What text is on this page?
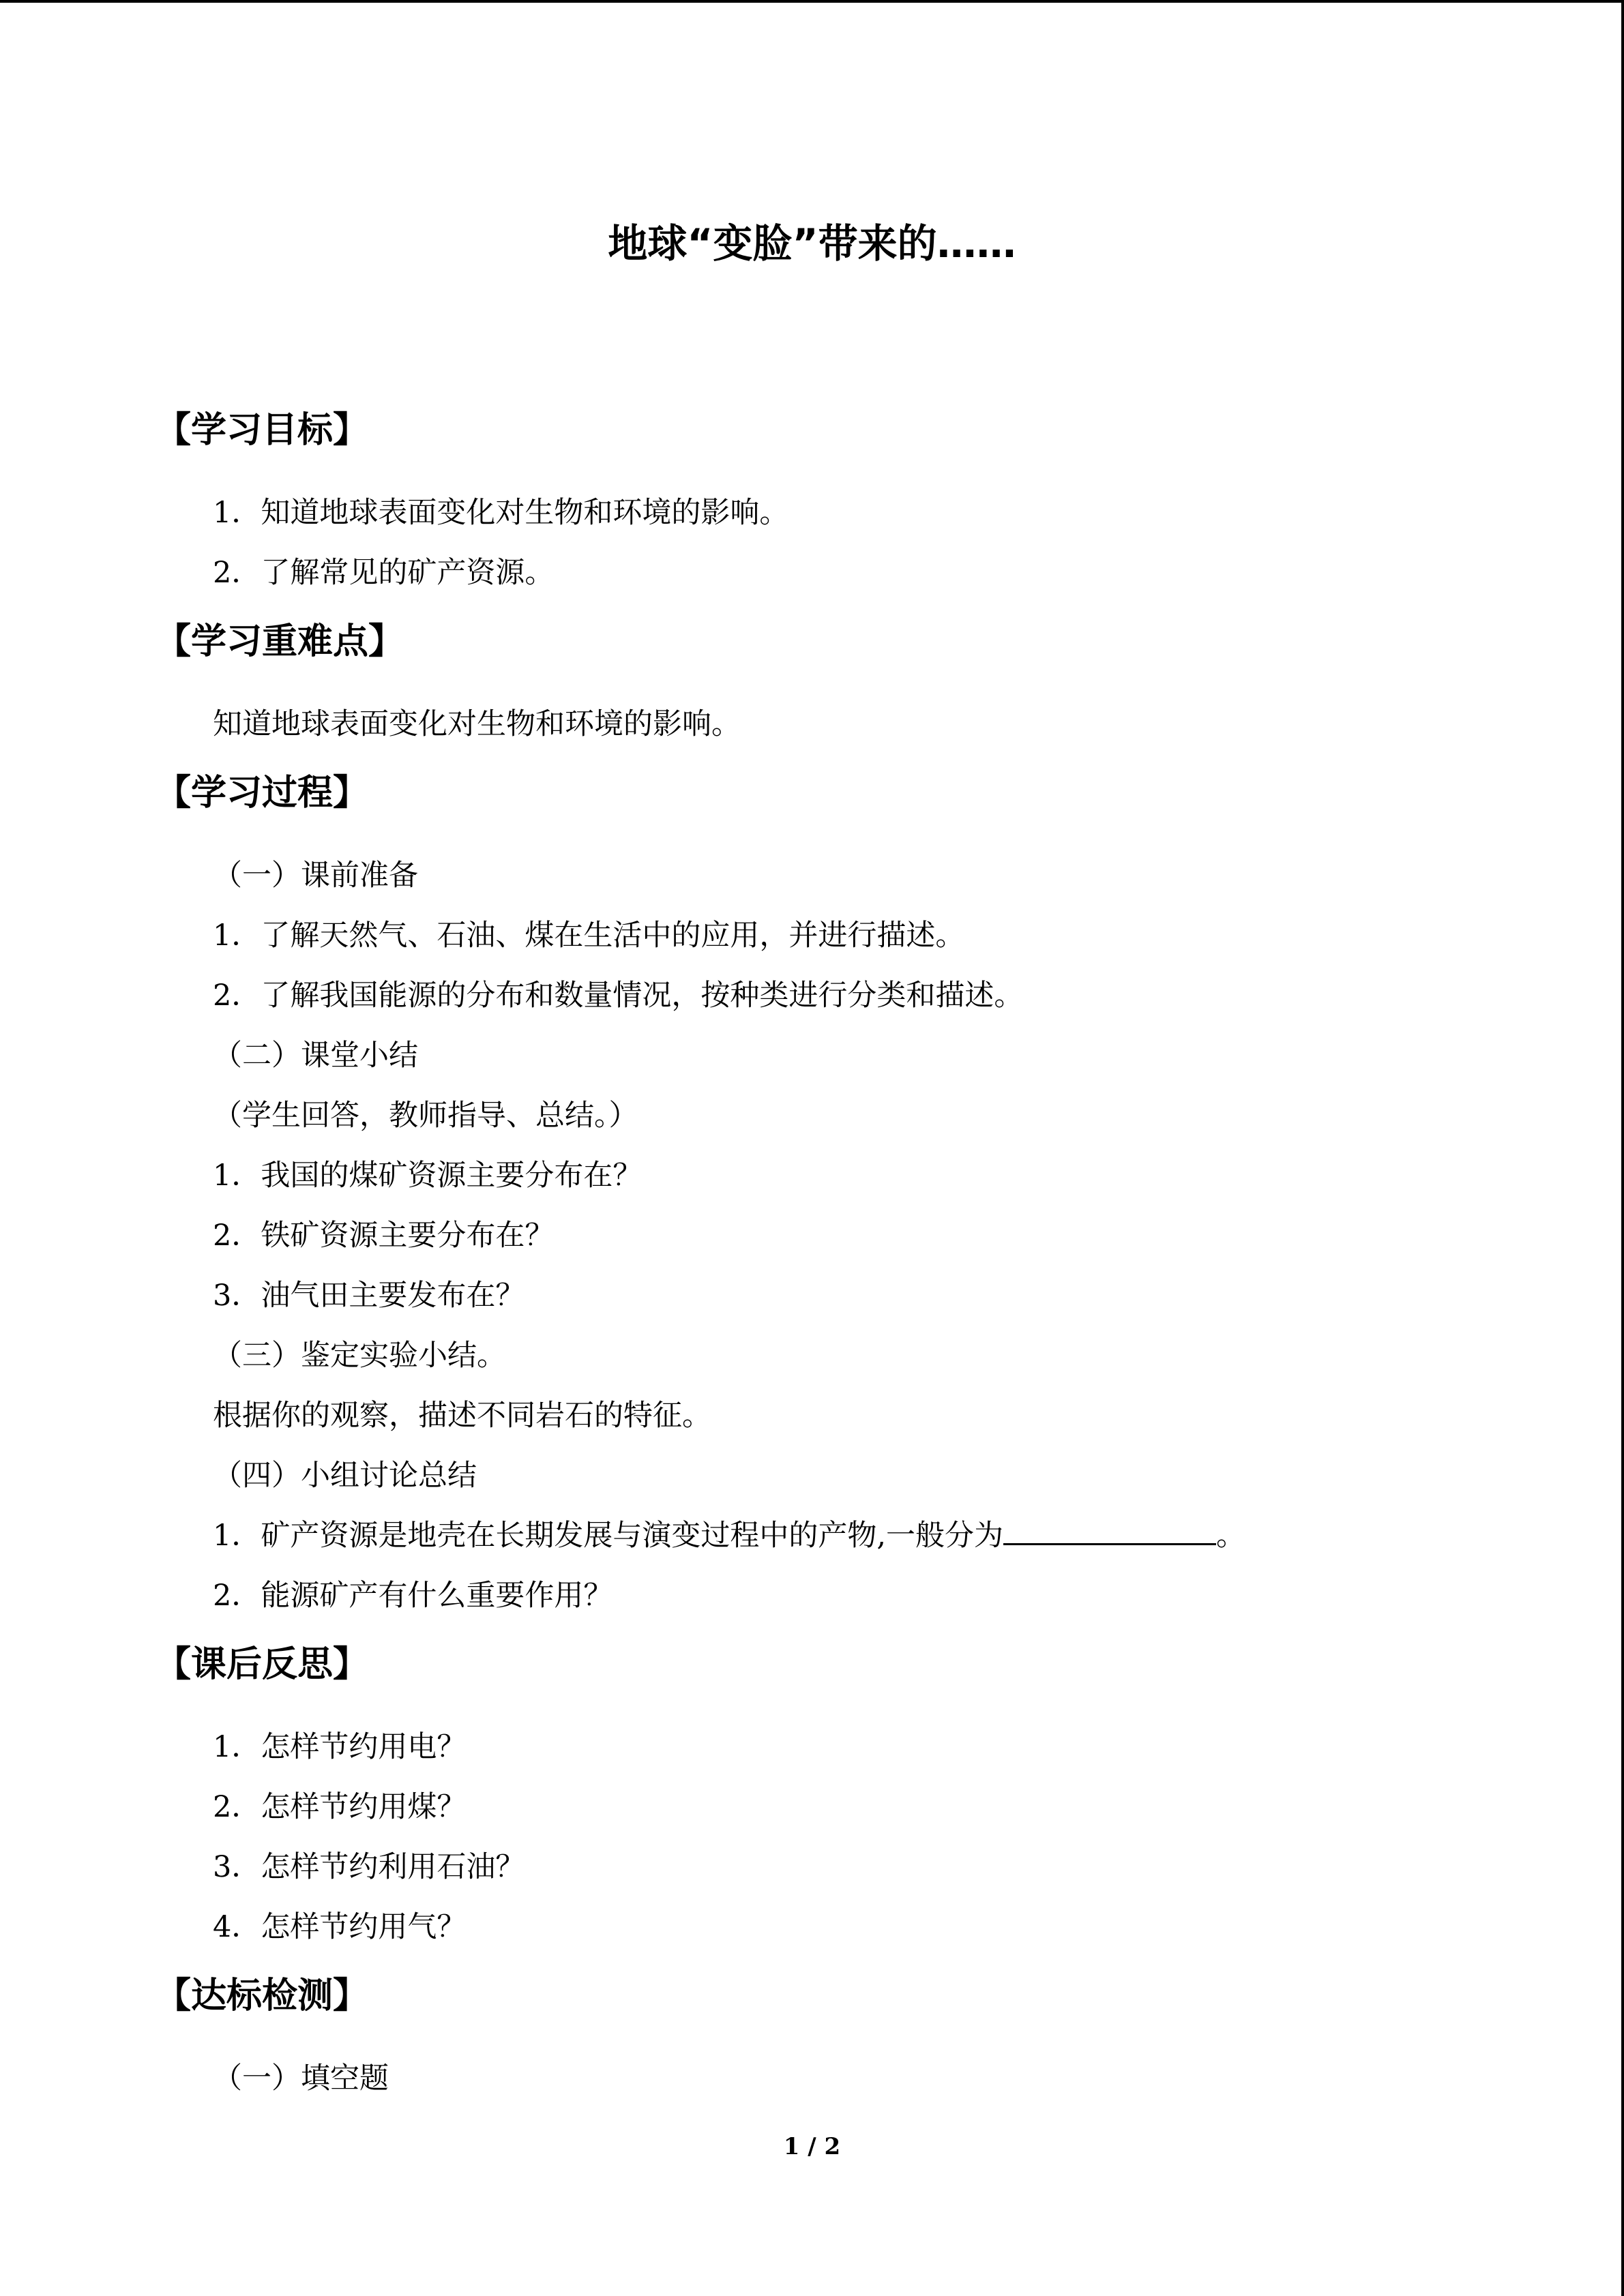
地球“变脸”带来的……
【学习目标】
1．知道地球表面变化对生物和环境的影响。
2．了解常见的矿产资源。
【学习重难点】
知道地球表面变化对生物和环境的影响。
【学习过程】
（一）课前准备
1．了解天然气、石油、煤在生活中的应用，并进行描述。
2．了解我国能源的分布和数量情况，按种类进行分类和描述。
（二）课堂小结
（学生回答，教师指导、总结。）
1．我国的煤矿资源主要分布在？
2．铁矿资源主要分布在？
3．油气田主要发布在？
（三）鉴定实验小结。
根据你的观察，描述不同岩石的特征。
（四）小组讨论总结
1．矿产资源是地壳在长期发展与演变过程中的产物,一般分为	。
2．能源矿产有什么重要作用？
【课后反思】
1．怎样节约用电？
2．怎样节约用煤？
3．怎样节约利用石油？
4．怎样节约用气？
【达标检测】
（一）填空题
1 / 2
